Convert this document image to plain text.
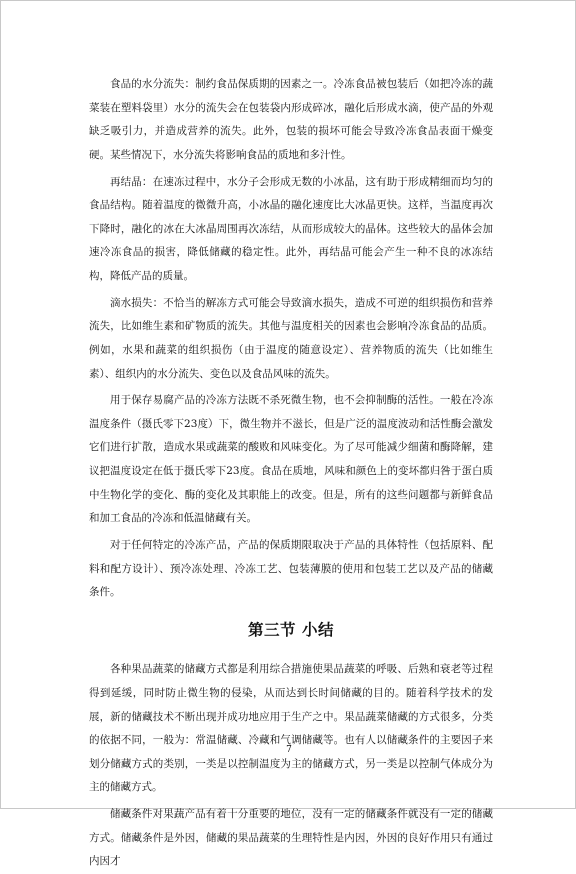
食品的水分流失：制约食品保质期的因素之一。冷冻食品被包装后（如把冷冻的蔬菜装在塑料袋里）水分的流失会在包装袋内形成碎冰，融化后形成水滴，使产品的外观缺乏吸引力，并造成营养的流失。此外，包装的损坏可能会导致冷冻食品表面干燥变硬。某些情况下，水分流失将影响食品的质地和多汁性。

再结晶：在速冻过程中，水分子会形成无数的小冰晶，这有助于形成精细而均匀的食品结构。随着温度的微微升高，小冰晶的融化速度比大冰晶更快。这样，当温度再次下降时，融化的冰在大冰晶周围再次冻结，从而形成较大的晶体。这些较大的晶体会加速冷冻食品的损害，降低储藏的稳定性。此外，再结晶可能会产生一种不良的冰冻结构，降低产品的质量。

滴水损失：不恰当的解冻方式可能会导致滴水损失，造成不可逆的组织损伤和营养流失，比如维生素和矿物质的流失。其他与温度相关的因素也会影响冷冻食品的品质。例如，水果和蔬菜的组织损伤（由于温度的随意设定）、营养物质的流失（比如维生素）、组织内的水分流失、变色以及食品风味的流失。

用于保存易腐产品的冷冻方法既不杀死微生物，也不会抑制酶的活性。一般在冷冻温度条件（摄氏零下23度）下，微生物并不滋长，但是广泛的温度波动和活性酶会激发它们进行扩散，造成水果或蔬菜的酸败和风味变化。为了尽可能减少细菌和酶降解，建议把温度设定在低于摄氏零下23度。食品在质地，风味和颜色上的变坏都归咎于蛋白质中生物化学的变化、酶的变化及其职能上的改变。但是，所有的这些问题都与新鲜食品和加工食品的冷冻和低温储藏有关。

对于任何特定的冷冻产品，产品的保质期限取决于产品的具体特性（包括原料、配料和配方设计）、预冷冻处理、冷冻工艺、包装薄膜的使用和包装工艺以及产品的储藏条件。

第三节 小结

各种果品蔬菜的储藏方式都是利用综合措施使果品蔬菜的呼吸、后熟和衰老等过程得到延缓，同时防止微生物的侵染，从而达到长时间储藏的目的。随着科学技术的发展，新的储藏技术不断出现并成功地应用于生产之中。果品蔬菜储藏的方式很多，分类的依据不同，一般为：常温储藏、冷藏和气调储藏等。也有人以储藏条件的主要因子来划分储藏方式的类别，一类是以控制温度为主的储藏方式，另一类是以控制气体成分为主的储藏方式。

储藏条件对果蔬产品有着十分重要的地位，没有一定的储藏条件就没有一定的储藏方式。储藏条件是外因，储藏的果品蔬菜的生理特性是内因，外因的良好作用只有通过内因才

7
